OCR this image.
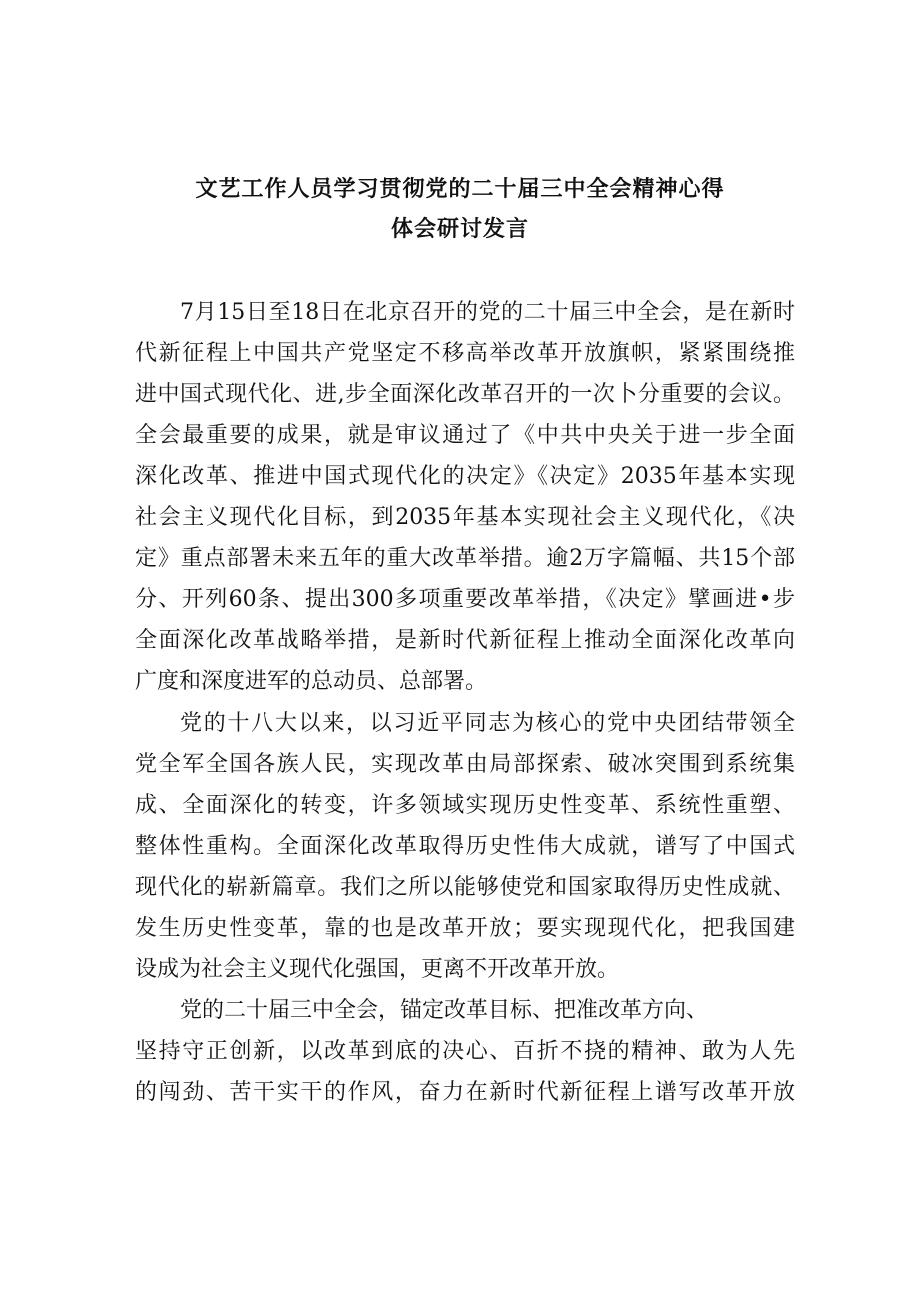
文艺工作人员学习贯彻党的二十届三中全会精神心得
体会研讨发言
7月15日至18日在北京召开的党的二十届三中全会，是在新时
代新征程上中国共产党坚定不移高举改革开放旗帜，紧紧围绕推
进中国式现代化、进,步全面深化改革召开的一次卜分重要的会议。
全会最重要的成果，就是审议通过了《中共中央关于进一步全面
深化改革、推进中国式现代化的决定》《决定》2035年基本实现
社会主义现代化目标，到2035年基本实现社会主义现代化，《决
定》重点部署未来五年的重大改革举措。逾2万字篇幅、共15个部
分、开列60条、提出300多项重要改革举措，《决定》擘画进•步
全面深化改革战略举措，是新时代新征程上推动全面深化改革向
广度和深度进军的总动员、总部署。
党的十八大以来，以习近平同志为核心的党中央团结带领全
党全军全国各族人民，实现改革由局部探索、破冰突围到系统集
成、全面深化的转变，许多领域实现历史性变革、系统性重塑、
整体性重构。全面深化改革取得历史性伟大成就，谱写了中国式
现代化的崭新篇章。我们之所以能够使党和国家取得历史性成就、
发生历史性变革，靠的也是改革开放；要实现现代化，把我国建
设成为社会主义现代化强国，更离不开改革开放。
党的二十届三中全会，锚定改革目标、把准改革方向、
坚持守正创新，以改革到底的决心、百折不挠的精神、敢为人先
的闯劲、苦干实干的作风，奋力在新时代新征程上谱写改革开放
